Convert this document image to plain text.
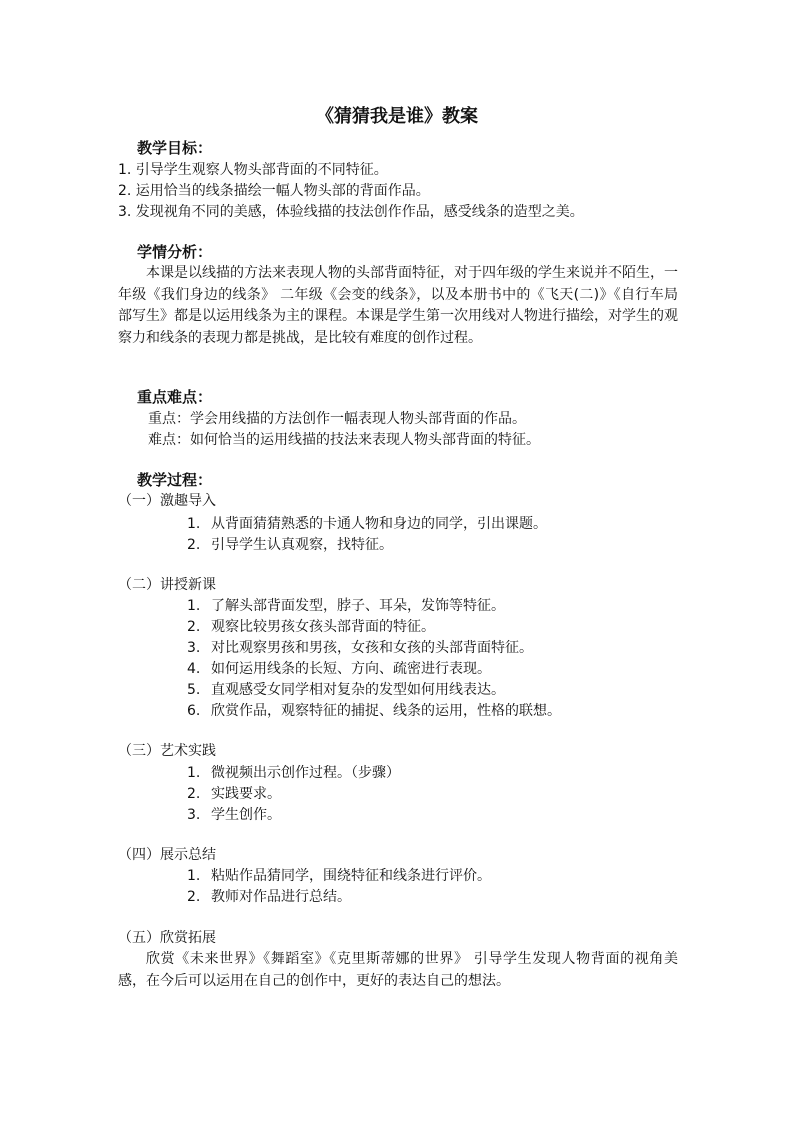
《猜猜我是谁》教案
教学目标：
1. 引导学生观察人物头部背面的不同特征。
2. 运用恰当的线条描绘一幅人物头部的背面作品。
3. 发现视角不同的美感，体验线描的技法创作作品，感受线条的造型之美。
学情分析：
本课是以线描的方法来表现人物的头部背面特征，对于四年级的学生来说并不陌生，一年级《我们身边的线条》 二年级《会变的线条》，以及本册书中的《飞天(二)》《自行车局部写生》都是以运用线条为主的课程。本课是学生第一次用线对人物进行描绘，对学生的观察力和线条的表现力都是挑战，是比较有难度的创作过程。
重点难点：
重点：学会用线描的方法创作一幅表现人物头部背面的作品。
难点：如何恰当的运用线描的技法来表现人物头部背面的特征。
教学过程：
（一）激趣导入
1. 从背面猜猜熟悉的卡通人物和身边的同学，引出课题。
2. 引导学生认真观察，找特征。
（二）讲授新课
1. 了解头部背面发型，脖子、耳朵，发饰等特征。
2. 观察比较男孩女孩头部背面的特征。
3. 对比观察男孩和男孩，女孩和女孩的头部背面特征。
4. 如何运用线条的长短、方向、疏密进行表现。
5. 直观感受女同学相对复杂的发型如何用线表达。
6. 欣赏作品，观察特征的捕捉、线条的运用，性格的联想。
（三）艺术实践
1. 微视频出示创作过程。（步骤）
2. 实践要求。
3. 学生创作。
（四）展示总结
1. 粘贴作品猜同学，围绕特征和线条进行评价。
2. 教师对作品进行总结。
（五）欣赏拓展
欣赏《未来世界》《舞蹈室》《克里斯蒂娜的世界》 引导学生发现人物背面的视角美感，在今后可以运用在自己的创作中，更好的表达自己的想法。
